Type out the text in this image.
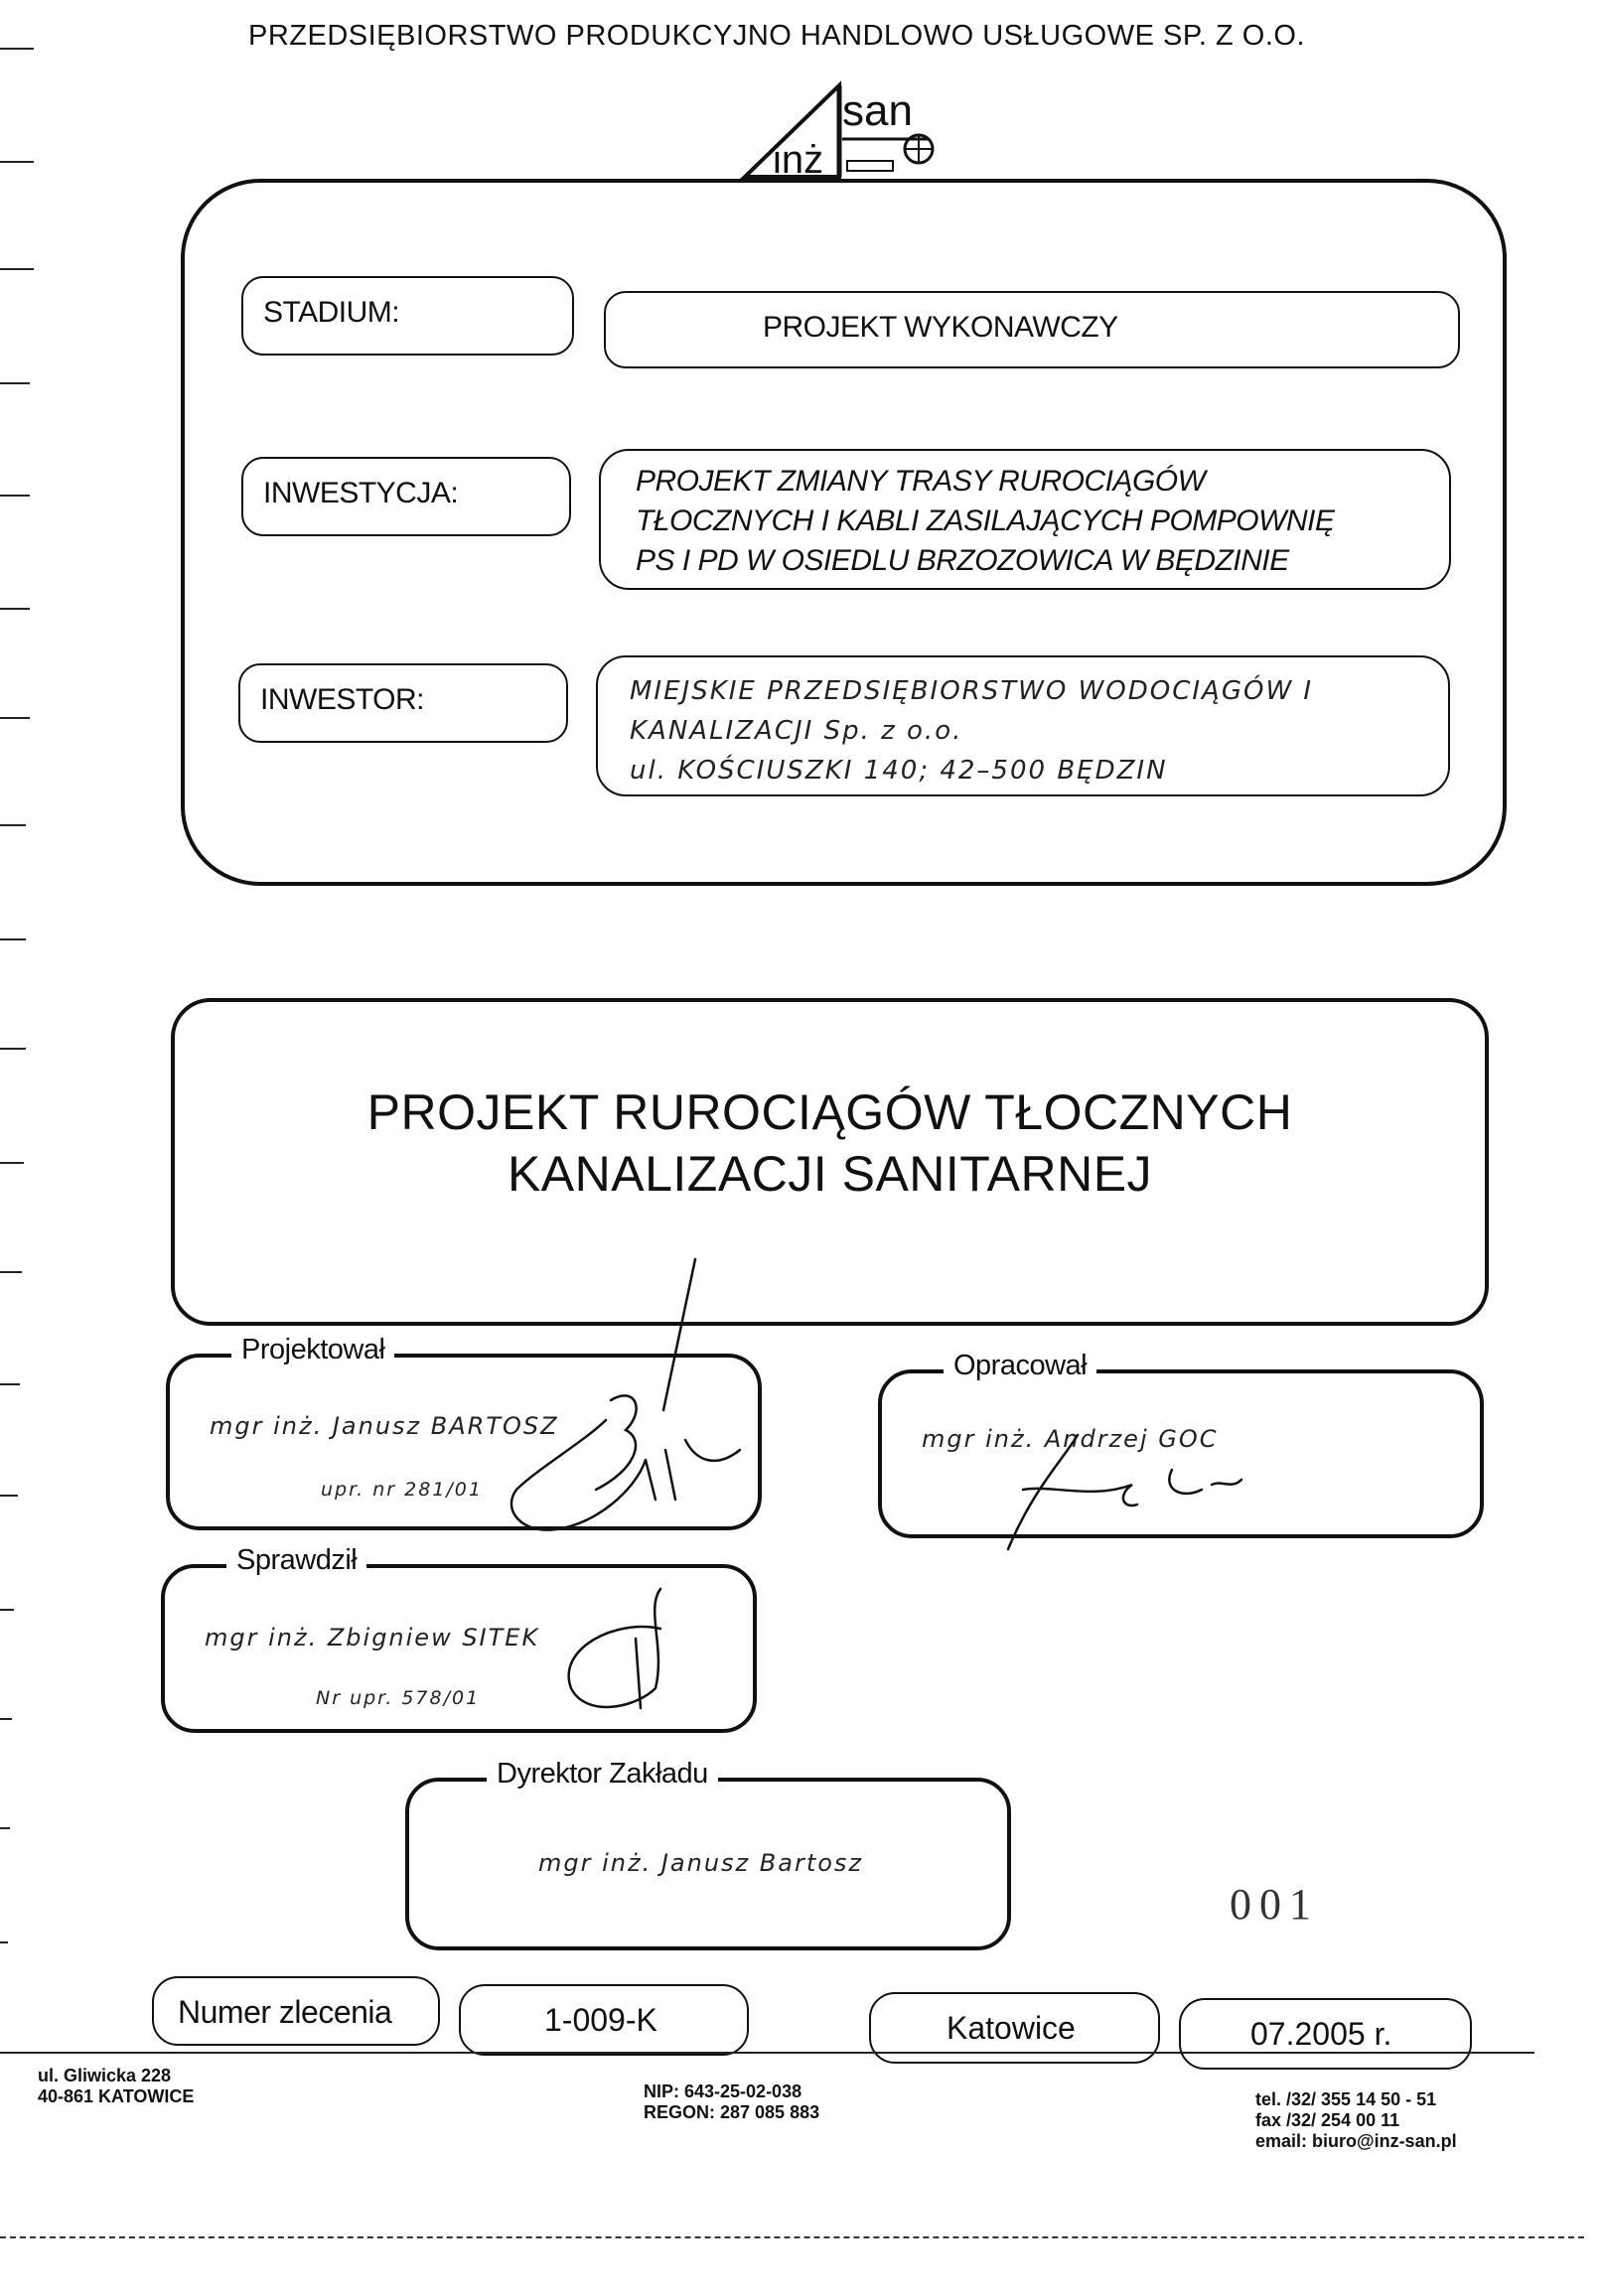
PRZEDSIĘBIORSTWO PRODUKCYJNO HANDLOWO USŁUGOWE SP. Z O.O.
inż
san
STADIUM:	PROJEKT WYKONAWCZY
INWESTYCJA:	PROJEKT ZMIANY TRASY RUROCIĄGÓW
TŁOCZNYCH I KABLI ZASILAJĄCYCH POMPOWNIĘ
PS I PD W OSIEDLU BRZOZOWICA W BĘDZINIE
INWESTOR:	MIEJSKIE PRZEDSIĘBIORSTWO WODOCIĄGÓW I
KANALIZACJI Sp. z o.o.
ul. KOŚCIUSZKI 140; 42–500 BĘDZIN
PROJEKT RUROCIĄGÓW TŁOCZNYCH
KANALIZACJI SANITARNEJ
Projektował
mgr inż. Janusz BARTOSZ
upr. nr 281/01
Opracował
mgr inż. Andrzej GOC
Sprawdził
mgr inż. Zbigniew SITEK
Nr upr. 578/01
Dyrektor Zakładu
mgr inż. Janusz Bartosz
001
Numer zlecenia	1-009-K	Katowice	07.2005 r.
ul. Gliwicka 228
40-861 KATOWICE	NIP: 643-25-02-038
REGON: 287 085 883
tel. /32/ 355 14 50 - 51
fax /32/ 254 00 11
email: biuro@inz-san.pl
